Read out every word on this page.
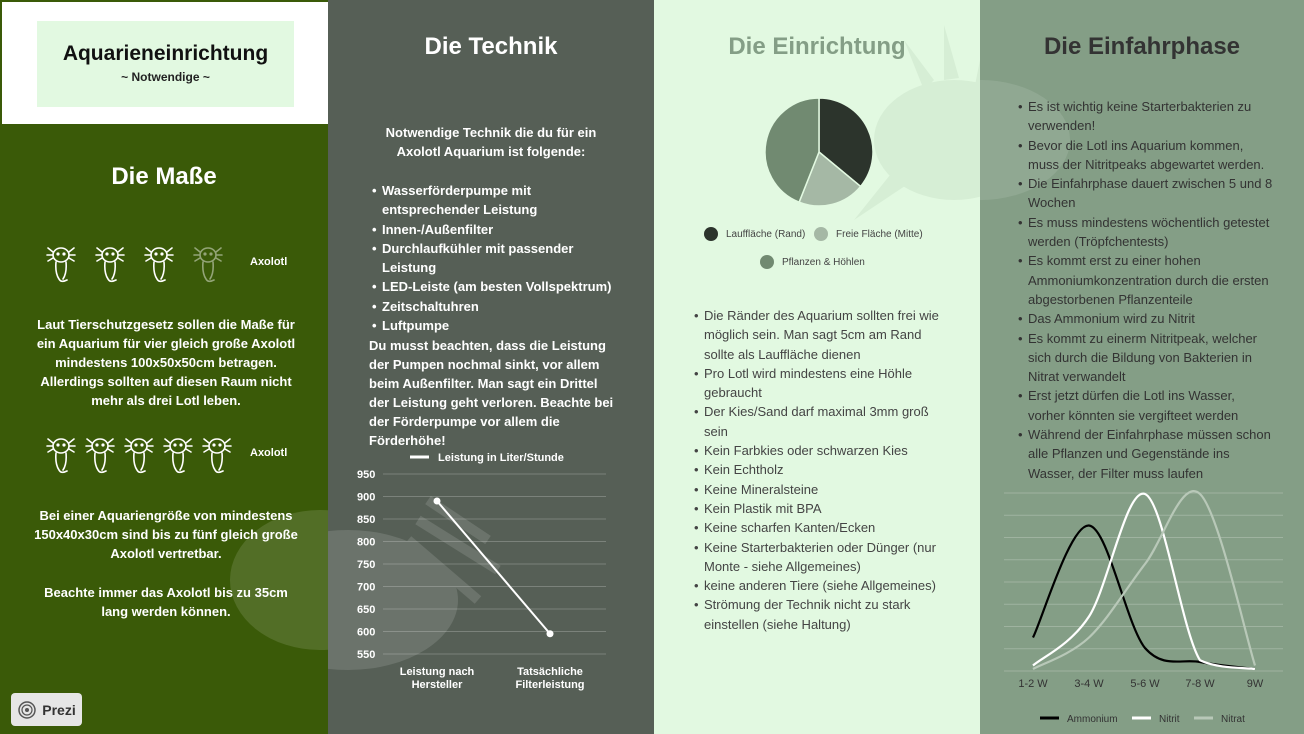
Aquarieneinrichtung
~ Notwendige ~
Die Maße
Axolotl
Laut Tierschutzgesetz sollen die Maße für ein Aquarium für vier gleich große Axolotl mindestens 100x50x50cm betragen. Allerdings sollten auf diesen Raum nicht mehr als drei Lotl leben.
Axolotl
Bei einer Aquariengröße von mindestens 150x40x30cm sind bis zu fünf gleich große Axolotl vertretbar.
Beachte immer das Axolotl bis zu 35cm lang werden können.
Prezi
Die Technik
Notwendige Technik die du für ein Axolotl Aquarium ist folgende:
• Wasserförderpumpe mit entsprechender Leistung
• Innen-/Außenfilter
• Durchlaufkühler mit passender Leistung
• LED-Leiste (am besten Vollspektrum)
• Zeitschaltuhren
• Luftpumpe
Du musst beachten, dass die Leistung der Pumpen nochmal sinkt, vor allem beim Außenfilter. Man sagt ein Drittel der Leistung geht verloren. Beachte bei der Förderpumpe vor allem die Förderhöhe!
Leistung in Liter/Stunde
950
900
850
800
750
700
650
600
550
Leistung nach Hersteller
Tatsächliche Filterleistung
Die Einrichtung
Lauffläche (Rand)	Freie Fläche (Mitte)
Pflanzen & Höhlen
• Die Ränder des Aquarium sollten frei wie möglich sein. Man sagt 5cm am Rand sollte als Lauffläche dienen
• Pro Lotl wird mindestens eine Höhle gebraucht
• Der Kies/Sand darf maximal 3mm groß sein
• Kein Farbkies oder schwarzen Kies
• Kein Echtholz
• Keine Mineralsteine
• Kein Plastik mit BPA
• Keine scharfen Kanten/Ecken
• Keine Starterbakterien oder Dünger (nur Monte - siehe Allgemeines)
• keine anderen Tiere (siehe Allgemeines)
• Strömung der Technik nicht zu stark einstellen (siehe Haltung)
Die Einfahrphase
• Es ist wichtig keine Starterbakterien zu verwenden!
• Bevor die Lotl ins Aquarium kommen, muss der Nitritpeaks abgewartet werden.
• Die Einfahrphase dauert zwischen 5 und 8 Wochen
• Es muss mindestens wöchentlich getestet werden (Tröpfchentests)
• Es kommt erst zu einer hohen Ammoniumkonzentration durch die ersten abgestorbenen Pflanzenteile
• Das Ammonium wird zu Nitrit
• Es kommt zu einerm Nitritpeak, welcher sich durch die Bildung von Bakterien in Nitrat verwandelt
• Erst jetzt dürfen die Lotl ins Wasser, vorher könnten sie vergifteet werden
• Während der Einfahrphase müssen schon alle Pflanzen und Gegenstände ins Wasser, der Filter muss laufen
1-2 W 3-4 W 5-6 W 7-8 W	9W
Ammonium	Nitrit	Nitrat
